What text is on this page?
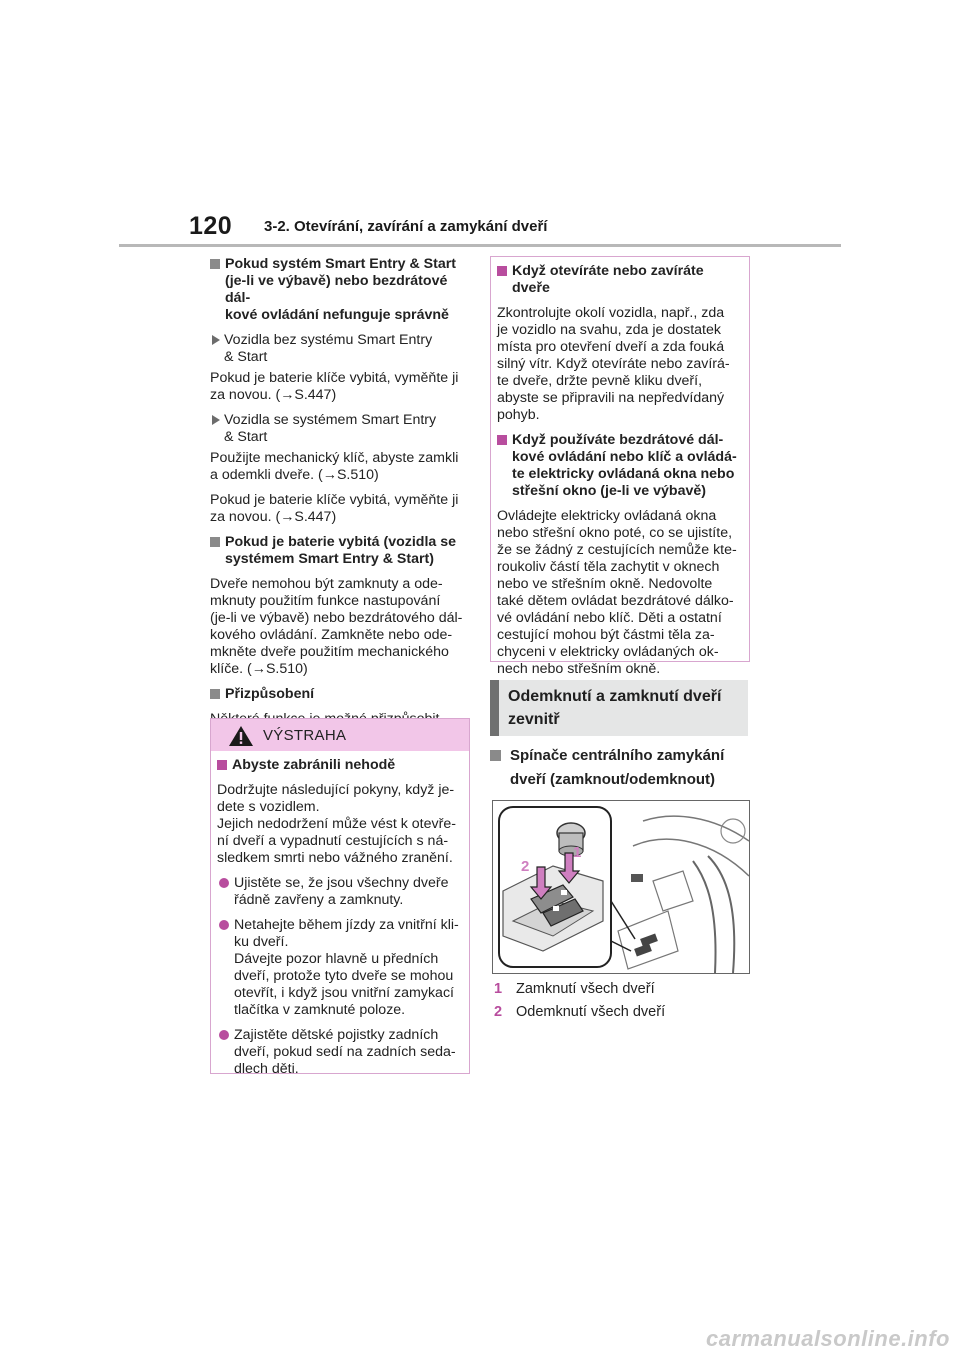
120 3-2. Otevírání, zavírání a zamykání dveří
Pokud systém Smart Entry & Start
(je-li ve výbavě) nebo bezdrátové dál-
kové ovládání nefunguje správně
Vozidla bez systému Smart Entry
& Start

Pokud je baterie klíče vybitá, vyměňte ji
za novou. (→S.447)

Vozidla se systémem Smart Entry
& Start

Použijte mechanický klíč, abyste zamkli
a odemkli dveře. (→S.510)

Pokud je baterie klíče vybitá, vyměňte ji
za novou. (→S.447)

Pokud je baterie vybitá (vozidla se
systémem Smart Entry & Start)

Dveře nemohou být zamknuty a ode-
mknuty použitím funkce nastupování
(je-li ve výbavě) nebo bezdrátového dál-
kového ovládání. Zamkněte nebo ode-
mkněte dveře použitím mechanického
klíče. (→S.510)

Přizpůsobení

VÝSTRAHA
Abyste zabránili nehodě

Dodržujte následující pokyny, když je-
dete s vozidlem.
Jejich nedodržení může vést k otevře-
ní dveří a vypadnutí cestujících s ná-
sledkem smrti nebo vážného zranění.

Ujistěte se, že jsou všechny dveře
řádně zavřeny a zamknuty.
Netahejte během jízdy za vnitřní kli-
ku dveří.
Dávejte pozor hlavně u předních
dveří, protože tyto dveře se mohou
otevřít, i když jsou vnitřní zamykací
tlačítka v zamknuté poloze.
Zajistěte dětské pojistky zadních
dveří, pokud sedí na zadních seda-
dlech děti.
Když otevíráte nebo zavíráte
dveře

Zkontrolujte okolí vozidla, např., zda
je vozidlo na svahu, zda je dostatek
místa pro otevření dveří a zda fouká
silný vítr. Když otevíráte nebo zavírá-
te dveře, držte pevně kliku dveří,
abyste se připravili na nepředvídaný
pohyb.

Když používáte bezdrátové dál-
kové ovládání nebo klíč a ovládá-
te elektricky ovládaná okna nebo
střešní okno (je-li ve výbavě)

Ovládejte elektricky ovládaná okna
nebo střešní okno poté, co se ujistíte,
že se žádný z cestujících nemůže kte-
roukoliv částí těla zachytit v oknech
nebo ve střešním okně. Nedovolte
také dětem ovládat bezdrátové dálko-
vé ovládání nebo klíč. Děti a ostatní
cestující mohou být částmi těla za-
chyceni v elektricky ovládaných ok-
nech nebo střešním okně.

Odemknutí a zamknutí dveří
zevnitř
Spínače centrálního zamykání
dveří (zamknout/odemknout)
1
2
1 Zamknutí všech dveří
2 Odemknutí všech dveří
carmanualsonline.info
